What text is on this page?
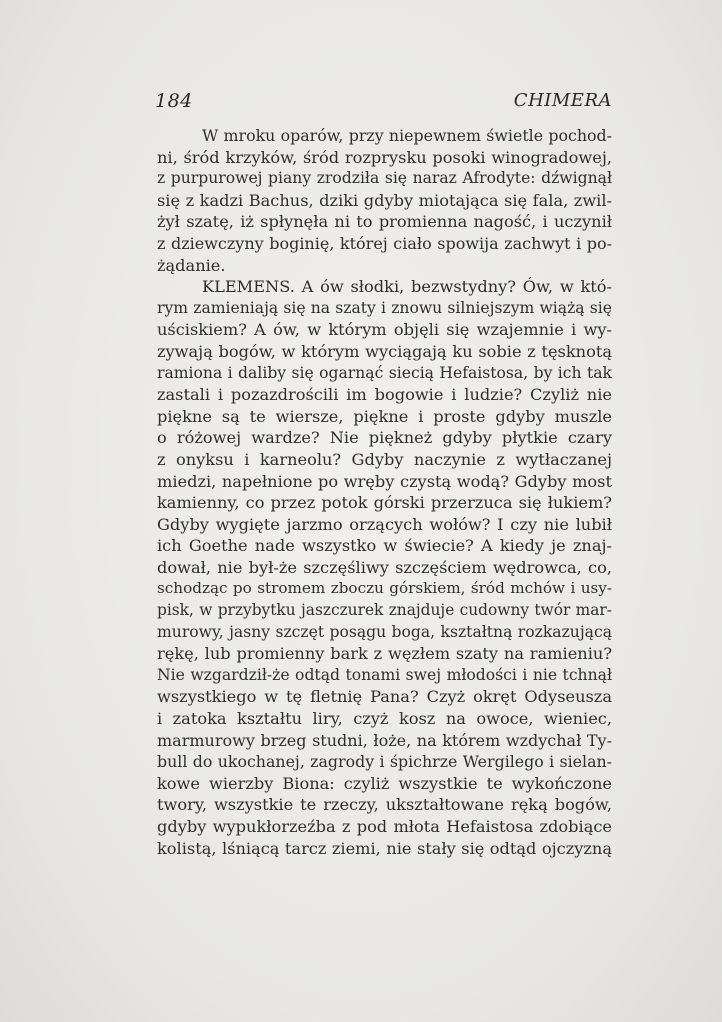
184	CHIMERA
W mroku oparów, przy niepewnem świetle pochod-
ni, śród krzyków, śród rozprysku posoki winogradowej,
z purpurowej piany zrodziła się naraz Afrodyte: dźwignął
się z kadzi Bachus, dziki gdyby miotająca się fala, zwil-
żył szatę, iż spłynęła ni to promienna nagość, i uczynił
z dziewczyny boginię, której ciało spowija zachwyt i po-
żądanie.
KLEMENS. A ów słodki, bezwstydny? Ów, w któ-
rym zamieniają się na szaty i znowu silniejszym wiążą się
uściskiem? A ów, w którym objęli się wzajemnie i wy-
zywają bogów, w którym wyciągają ku sobie z tęsknotą
ramiona i daliby się ogarnąć siecią Hefaistosa, by ich tak
zastali i pozazdrościli im bogowie i ludzie? Czyliż nie
piękne są te wiersze, piękne i proste gdyby muszle
o różowej wardze? Nie piękneż gdyby płytkie czary
z onyksu i karneolu? Gdyby naczynie z wytłaczanej
miedzi, napełnione po wręby czystą wodą? Gdyby most
kamienny, co przez potok górski przerzuca się łukiem?
Gdyby wygięte jarzmo orzących wołów? I czy nie lubił
ich Goethe nade wszystko w świecie? A kiedy je znaj-
dował, nie był-że szczęśliwy szczęściem wędrowca, co,
schodząc po stromem zboczu górskiem, śród mchów i usy-
pisk, w przybytku jaszczurek znajduje cudowny twór mar-
murowy, jasny szczęt posągu boga, kształtną rozkazującą
rękę, lub promienny bark z węzłem szaty na ramieniu?
Nie wzgardził-że odtąd tonami swej młodości i nie tchnął
wszystkiego w tę fletnię Pana? Czyż okręt Odyseusza
i zatoka kształtu liry, czyż kosz na owoce, wieniec,
marmurowy brzeg studni, łoże, na którem wzdychał Ty-
bull do ukochanej, zagrody i śpichrze Wergilego i sielan-
kowe wierzby Biona: czyliż wszystkie te wykończone
twory, wszystkie te rzeczy, ukształtowane ręką bogów,
gdyby wypukłorzeźba z pod młota Hefaistosa zdobiące
kolistą, lśniącą tarcz ziemi, nie stały się odtąd ojczyzną
